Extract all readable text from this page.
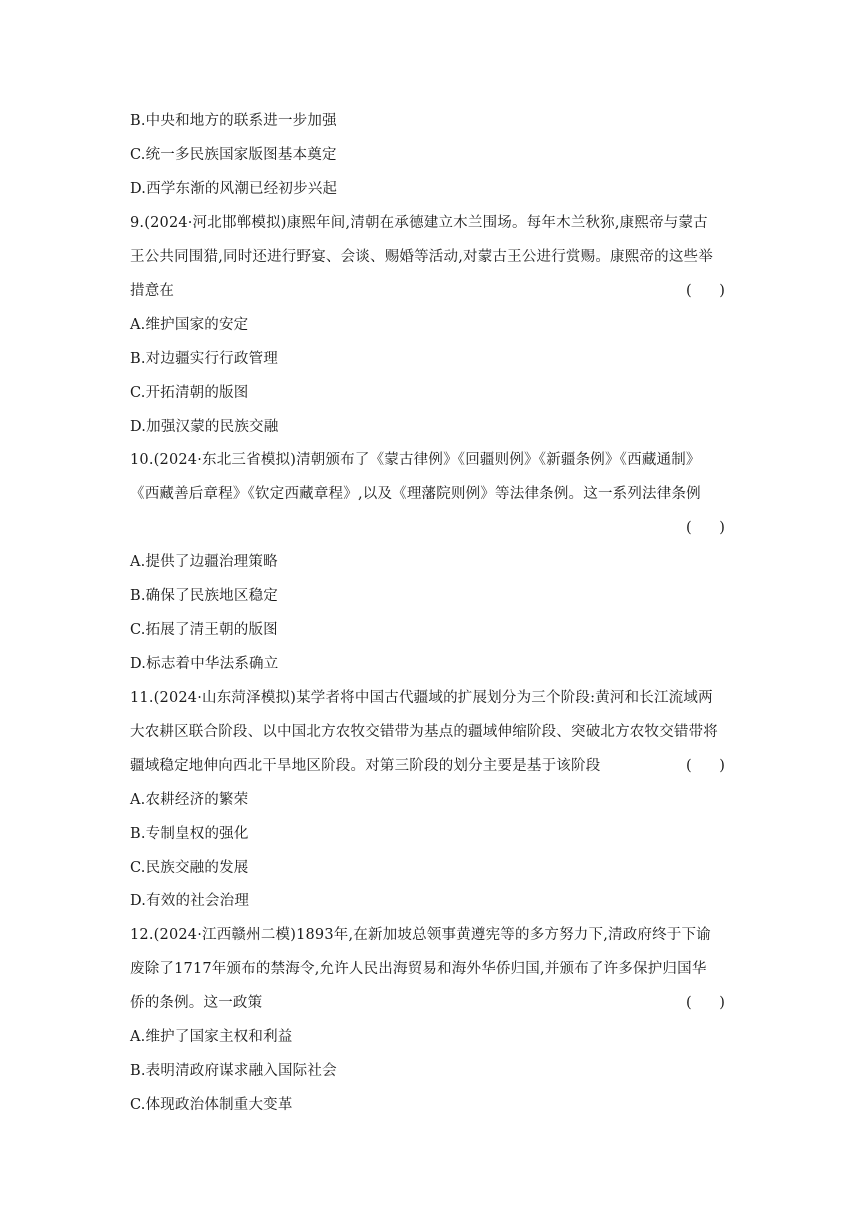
B.中央和地方的联系进一步加强
C.统一多民族国家版图基本奠定
D.西学东渐的风潮已经初步兴起
9.(2024·河北邯郸模拟)康熙年间,清朝在承德建立木兰围场。每年木兰秋狝,康熙帝与蒙古
王公共同围猎,同时还进行野宴、会谈、赐婚等活动,对蒙古王公进行赏赐。康熙帝的这些举
措意在	(      )
A.维护国家的安定
B.对边疆实行行政管理
C.开拓清朝的版图
D.加强汉蒙的民族交融
10.(2024·东北三省模拟)清朝颁布了《蒙古律例》《回疆则例》《新疆条例》《西藏通制》
《西藏善后章程》《钦定西藏章程》,以及《理藩院则例》等法律条例。这一系列法律条例
(      )
A.提供了边疆治理策略
B.确保了民族地区稳定
C.拓展了清王朝的版图
D.标志着中华法系确立
11.(2024·山东菏泽模拟)某学者将中国古代疆域的扩展划分为三个阶段:黄河和长江流域两
大农耕区联合阶段、以中国北方农牧交错带为基点的疆域伸缩阶段、突破北方农牧交错带将
疆域稳定地伸向西北干旱地区阶段。对第三阶段的划分主要是基于该阶段	(      )
A.农耕经济的繁荣
B.专制皇权的强化
C.民族交融的发展
D.有效的社会治理
12.(2024·江西赣州二模)1893年,在新加坡总领事黄遵宪等的多方努力下,清政府终于下谕
废除了1717年颁布的禁海令,允许人民出海贸易和海外华侨归国,并颁布了许多保护归国华
侨的条例。这一政策	(      )
A.维护了国家主权和利益
B.表明清政府谋求融入国际社会
C.体现政治体制重大变革
